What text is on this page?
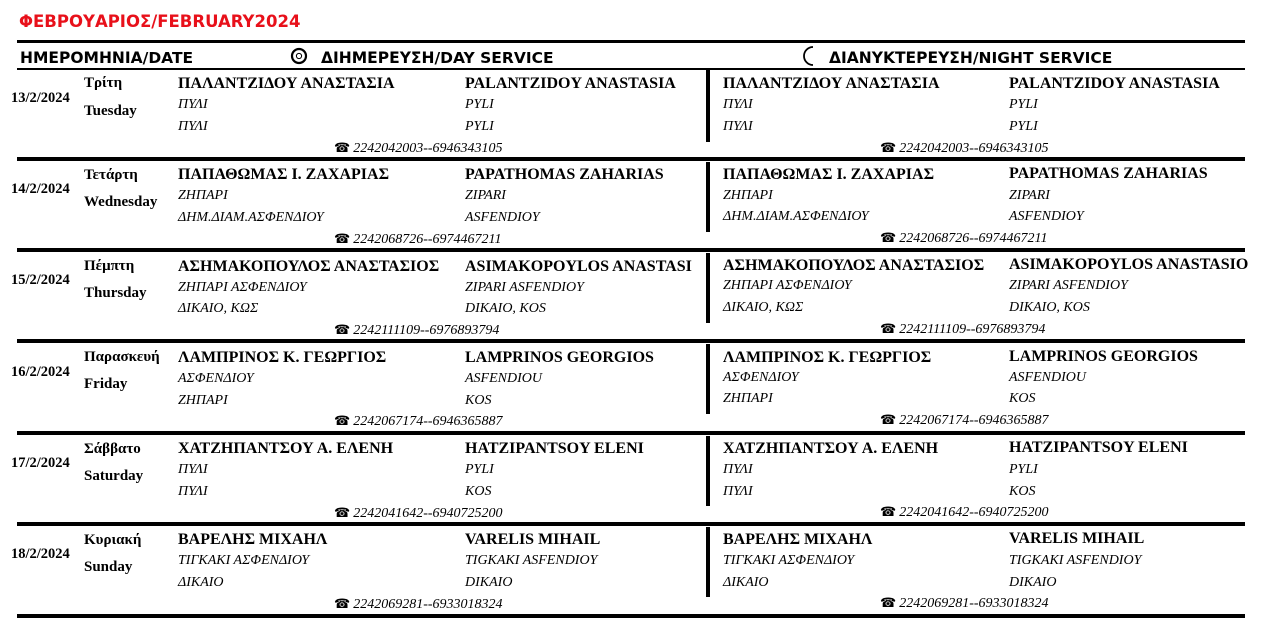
ΦΕΒΡΟΥΑΡΙΟΣ/FEBRUARY2024
ΗΜΕΡΟΜΗΝΙΑ/DATE	ΔΙΗΜΕΡΕΥΣΗ/DAY SERVICE	ΔΙΑΝΥΚΤΕΡΕΥΣΗ/NIGHT SERVICE
13/2/2024
Τρίτη
Tuesday
ΠΑΛΑΝΤΖΙΔΟΥ ΑΝΑΣΤΑΣΙΑ	PALANTZIDOY ANASTASIA
ΠΥΛΙ	PYLI
ΠΥΛΙ	PYLI
☎ 2242042003--6946343105
ΠΑΛΑΝΤΖΙΔΟΥ ΑΝΑΣΤΑΣΙΑ	PALANTZIDOY ANASTASIA
ΠΥΛΙ	PYLI
ΠΥΛΙ	PYLI
☎ 2242042003--6946343105
14/2/2024
Τετάρτη
Wednesday
ΠΑΠΑΘΩΜΑΣ Ι. ΖΑΧΑΡΙΑΣ	PAPATHOMAS ZAHARIAS
ΖΗΠΑΡΙ	ZIPARI
ΔΗΜ.ΔΙΑΜ.ΑΣΦΕΝΔΙΟΥ	ASFENDIOY
☎ 2242068726--6974467211
ΠΑΠΑΘΩΜΑΣ Ι. ΖΑΧΑΡΙΑΣ	PAPATHOMAS ZAHARIAS
ΖΗΠΑΡΙ	ZIPARI
ΔΗΜ.ΔΙΑΜ.ΑΣΦΕΝΔΙΟΥ	ASFENDIOY
☎ 2242068726--6974467211
15/2/2024
Πέμπτη
Thursday
ΑΣΗΜΑΚΟΠΟΥΛΟΣ ΑΝΑΣΤΑΣΙΟΣ ASIMAKOPOYLOS ANASTASI
ΖΗΠΑΡΙ ΑΣΦΕΝΔΙΟΥ	ZIPARI ASFENDIOY
ΔΙΚΑΙΟ, ΚΩΣ	DIKAIO, KOS
☎ 2242111109--6976893794
ΑΣΗΜΑΚΟΠΟΥΛΟΣ ΑΝΑΣΤΑΣΙΟΣ ASIMAKOPOYLOS ANASTASIO
ΖΗΠΑΡΙ ΑΣΦΕΝΔΙΟΥ	ZIPARI ASFENDIOY
ΔΙΚΑΙΟ, ΚΩΣ	DIKAIO, KOS
☎ 2242111109--6976893794
16/2/2024
Παρασκευή
Friday
ΛΑΜΠΡΙΝΟΣ Κ. ΓΕΩΡΓΙΟΣ	LAMPRINOS GEORGIOS
ΑΣΦΕΝΔΙΟΥ	ASFENDIOU
ΖΗΠΑΡΙ	KOS
☎ 2242067174--6946365887
ΛΑΜΠΡΙΝΟΣ Κ. ΓΕΩΡΓΙΟΣ	LAMPRINOS GEORGIOS
ΑΣΦΕΝΔΙΟΥ	ASFENDIOU
ΖΗΠΑΡΙ	KOS
☎ 2242067174--6946365887
17/2/2024
Σάββατο
Saturday
ΧΑΤΖΗΠΑΝΤΣΟΥ Α. ΕΛΕΝΗ	HATZIPANTSOY ELENI
ΠΥΛΙ	PYLI
ΠΥΛΙ	KOS
☎ 2242041642--6940725200
ΧΑΤΖΗΠΑΝΤΣΟΥ Α. ΕΛΕΝΗ	HATZIPANTSOY ELENI
ΠΥΛΙ	PYLI
ΠΥΛΙ	KOS
☎ 2242041642--6940725200
18/2/2024
Κυριακή
Sunday
ΒΑΡΕΛΗΣ ΜΙΧΑΗΛ	VARELIS MIHAIL
ΤΙΓΚΑΚΙ ΑΣΦΕΝΔΙΟΥ	TIGKAKI ASFENDIOY
ΔΙΚΑΙΟ	DIKAIO
☎ 2242069281--6933018324
ΒΑΡΕΛΗΣ ΜΙΧΑΗΛ	VARELIS MIHAIL
ΤΙΓΚΑΚΙ ΑΣΦΕΝΔΙΟΥ	TIGKAKI ASFENDIOY
ΔΙΚΑΙΟ	DIKAIO
☎ 2242069281--6933018324
